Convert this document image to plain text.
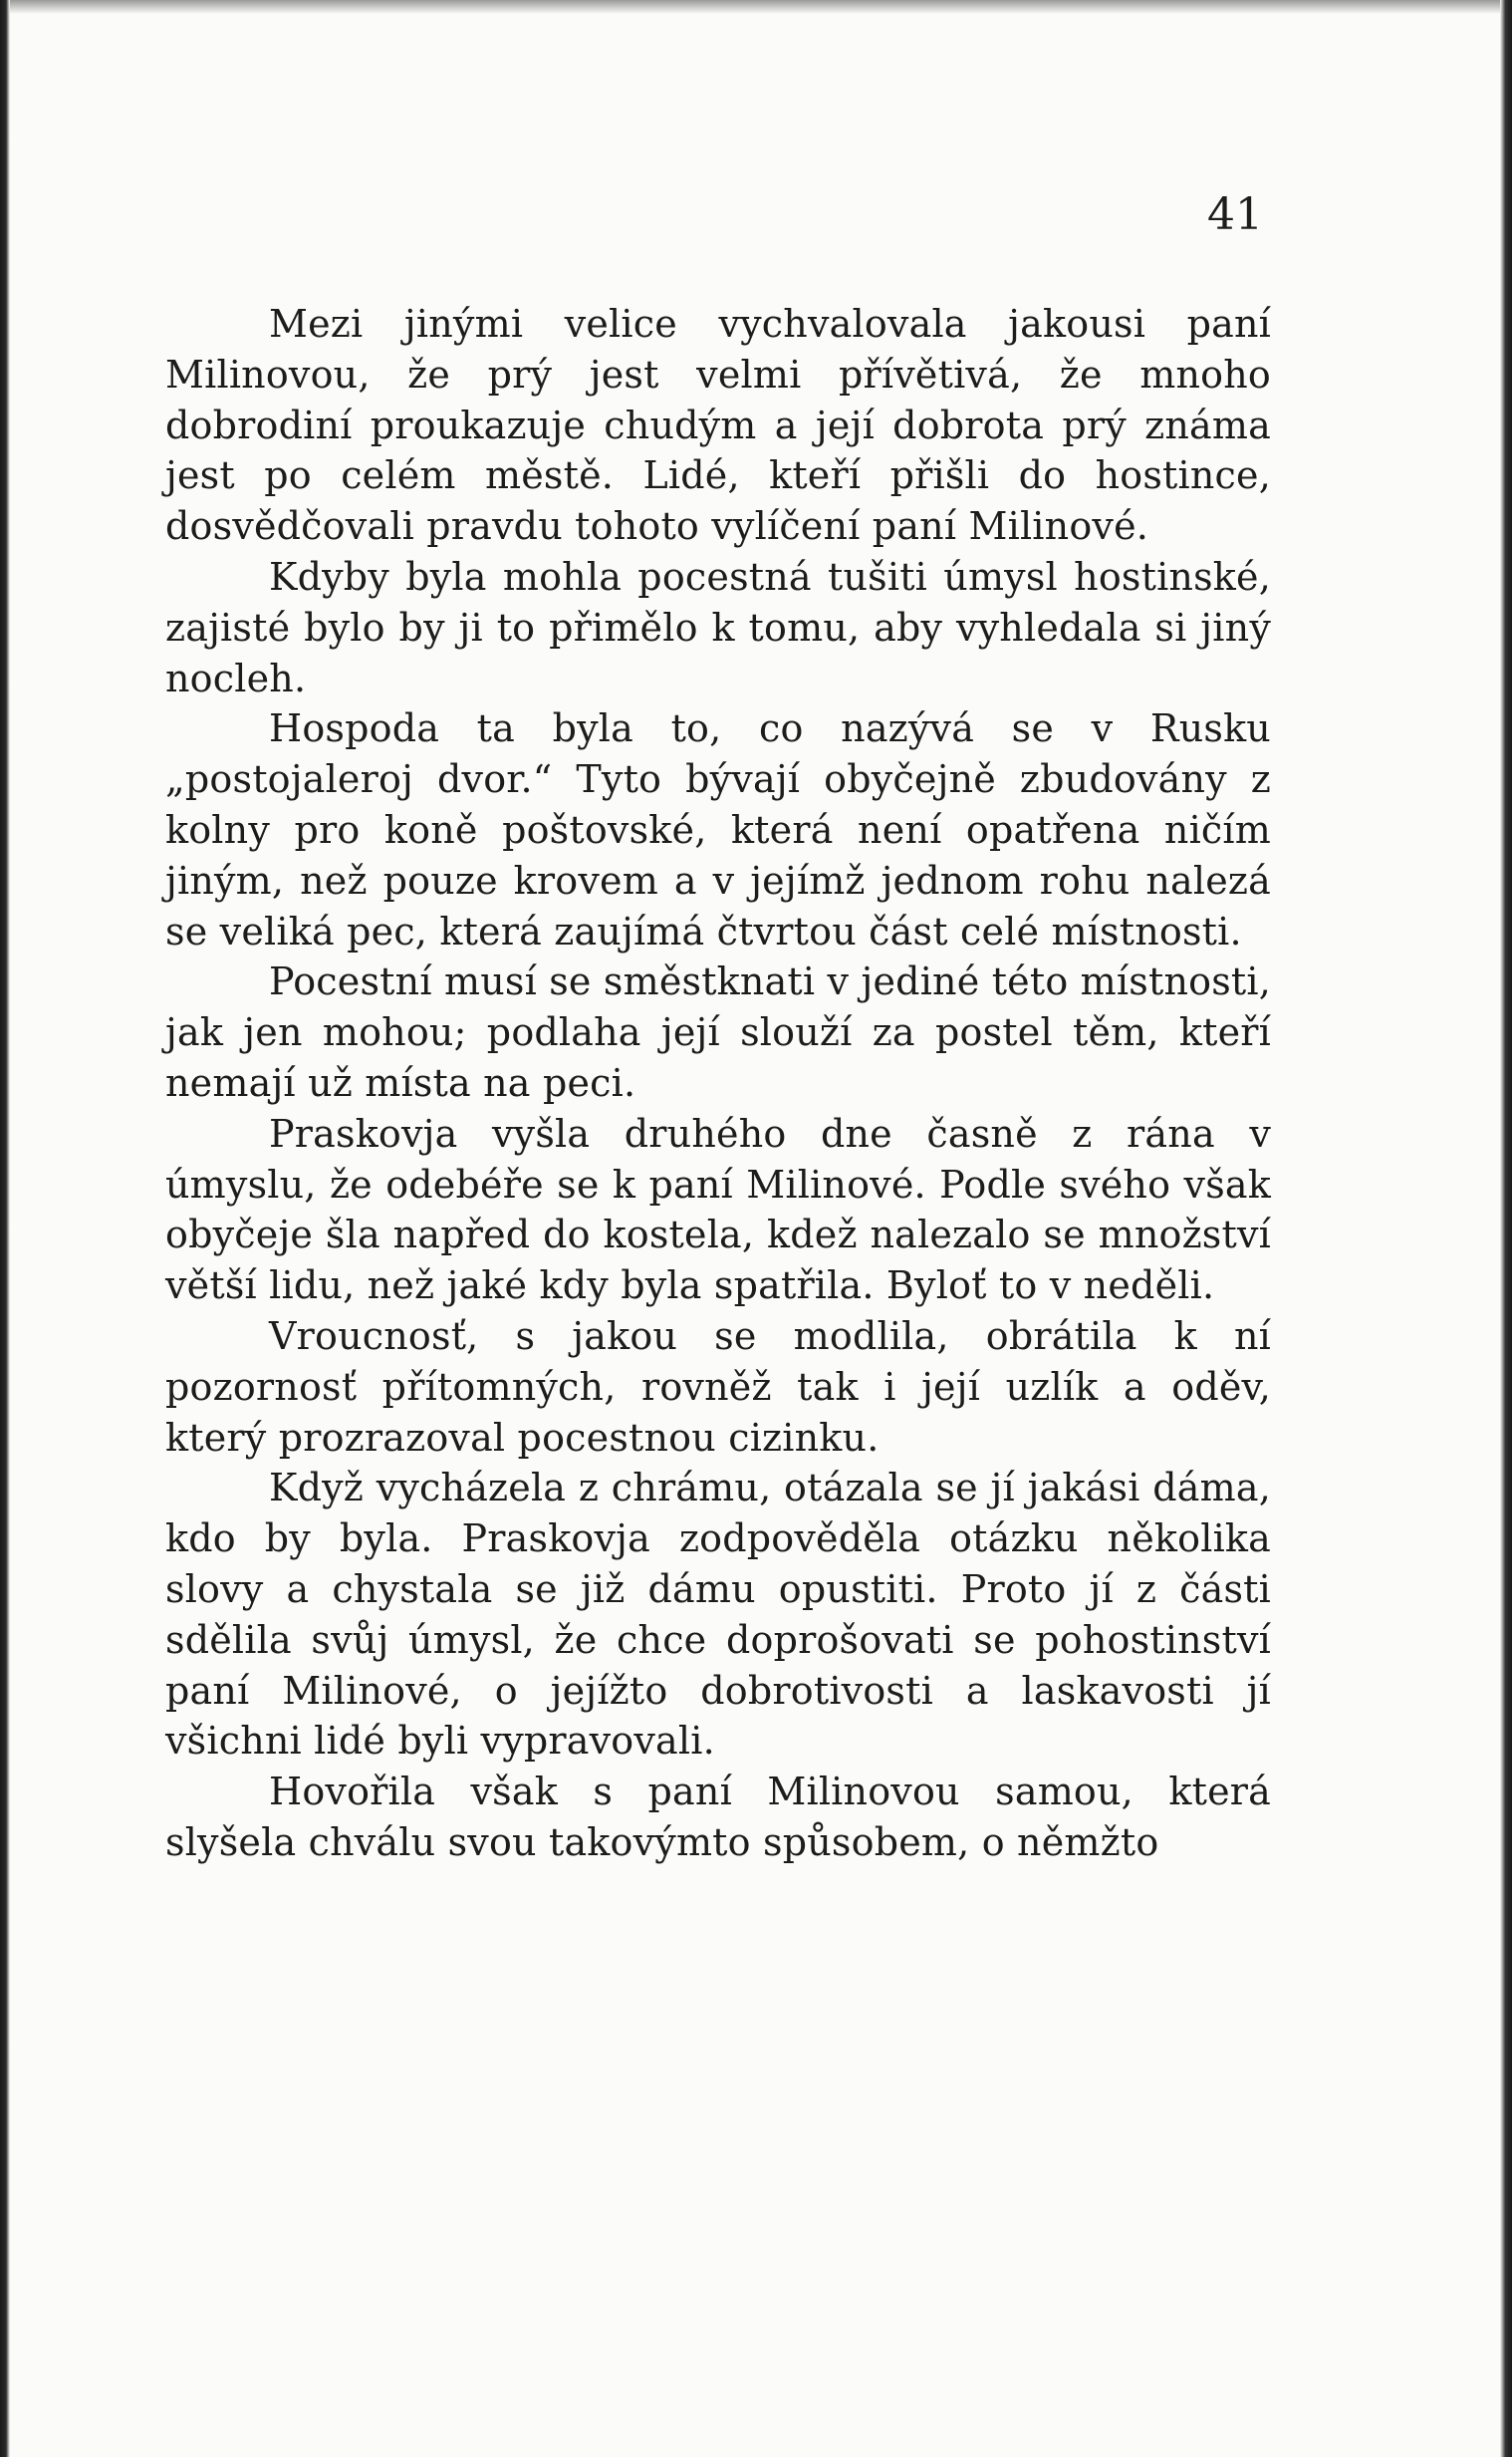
41

Mezi jinými velice vychvalovala jakousi paní Milinovou, že prý jest velmi přívětivá, že mnoho dobrodiní proukazuje chudým a její dobrota prý známa jest po celém městě. Lidé, kteří přišli do hostince, dosvědčovali pravdu tohoto vylíčení paní Milinové.

Kdyby byla mohla pocestná tušiti úmysl hostinské, zajisté bylo by ji to přimělo k tomu, aby vyhledala si jiný nocleh.

Hospoda ta byla to, co nazývá se v Rusku „postojaleroj dvor.“ Tyto bývají obyčejně zbudovány z kolny pro koně poštovské, která není opatřena ničím jiným, než pouze krovem a v jejímž jednom rohu nalezá se veliká pec, která zaujímá čtvrtou část celé místnosti.

Pocestní musí se směstknati v jediné této místnosti, jak jen mohou; podlaha její slouží za postel těm, kteří nemají už místa na peci.

Praskovja vyšla druhého dne časně z rána v úmyslu, že odebéře se k paní Milinové. Podle svého však obyčeje šla napřed do kostela, kdež nalezalo se množství větší lidu, než jaké kdy byla spatřila. Byloť to v neděli.

Vroucnosť, s jakou se modlila, obrátila k ní pozornosť přítomných, rovněž tak i její uzlík a oděv, který prozrazoval pocestnou cizinku.

Když vycházela z chrámu, otázala se jí jakási dáma, kdo by byla. Praskovja zodpověděla otázku několika slovy a chystala se již dámu opustiti. Proto jí z části sdělila svůj úmysl, že chce doprošovati se pohostinství paní Milinové, o jejížto dobrotivosti a laskavosti jí všichni lidé byli vypravovali.

Hovořila však s paní Milinovou samou, která slyšela chválu svou takovýmto spůsobem, o němžto
